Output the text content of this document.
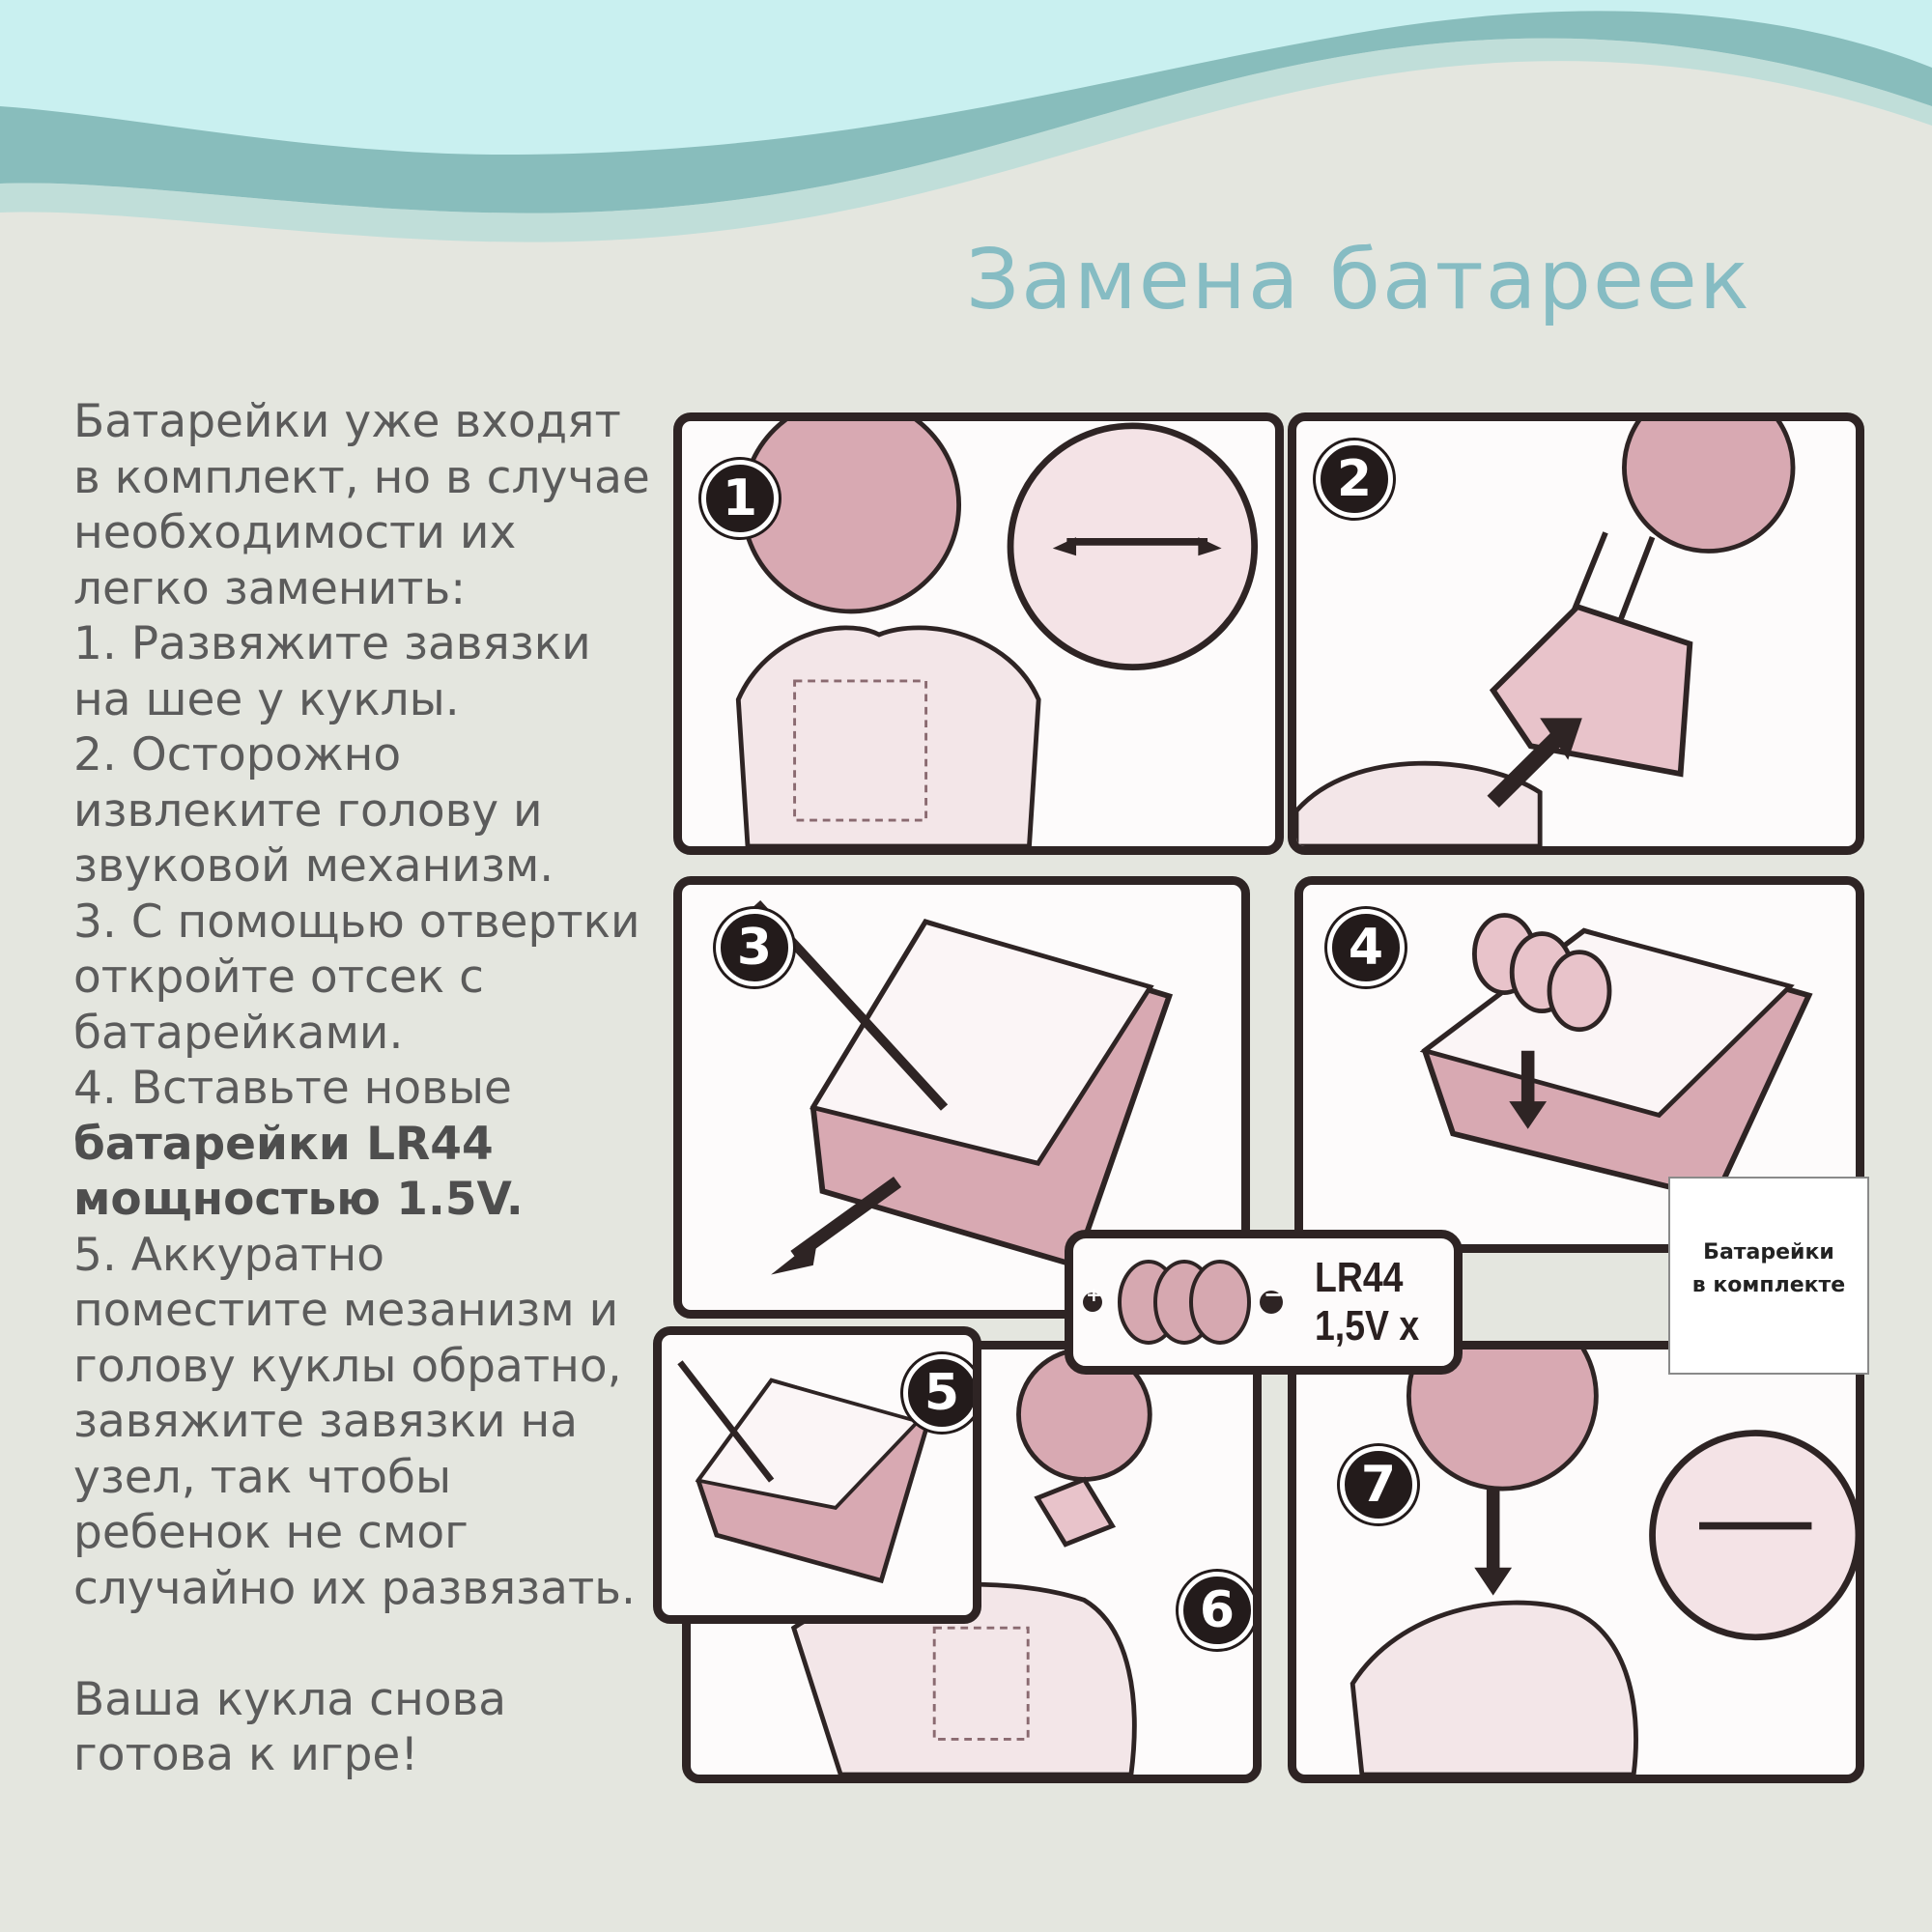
Замена батареек

Батарейки уже входят в комплект, но в случае необходимости их легко заменить:

1. Развяжите завязки на шее у куклы.

2. Осторожно извлеките голову и звуковой механизм.

3. С помощью отвертки откройте отсек с батарейками.

4. Вставьте новые
батарейки LR44 мощностью 1.5V.

5. Аккуратно поместите мезанизм и голову куклы обратно, завяжите завязки на узел, так чтобы ребенок не смог случайно их развязать.

Ваша кукла снова готова к игре!

1	2
3	4
6
5
7
+	− LR44
1,5V x
Батарейки
в комплекте
